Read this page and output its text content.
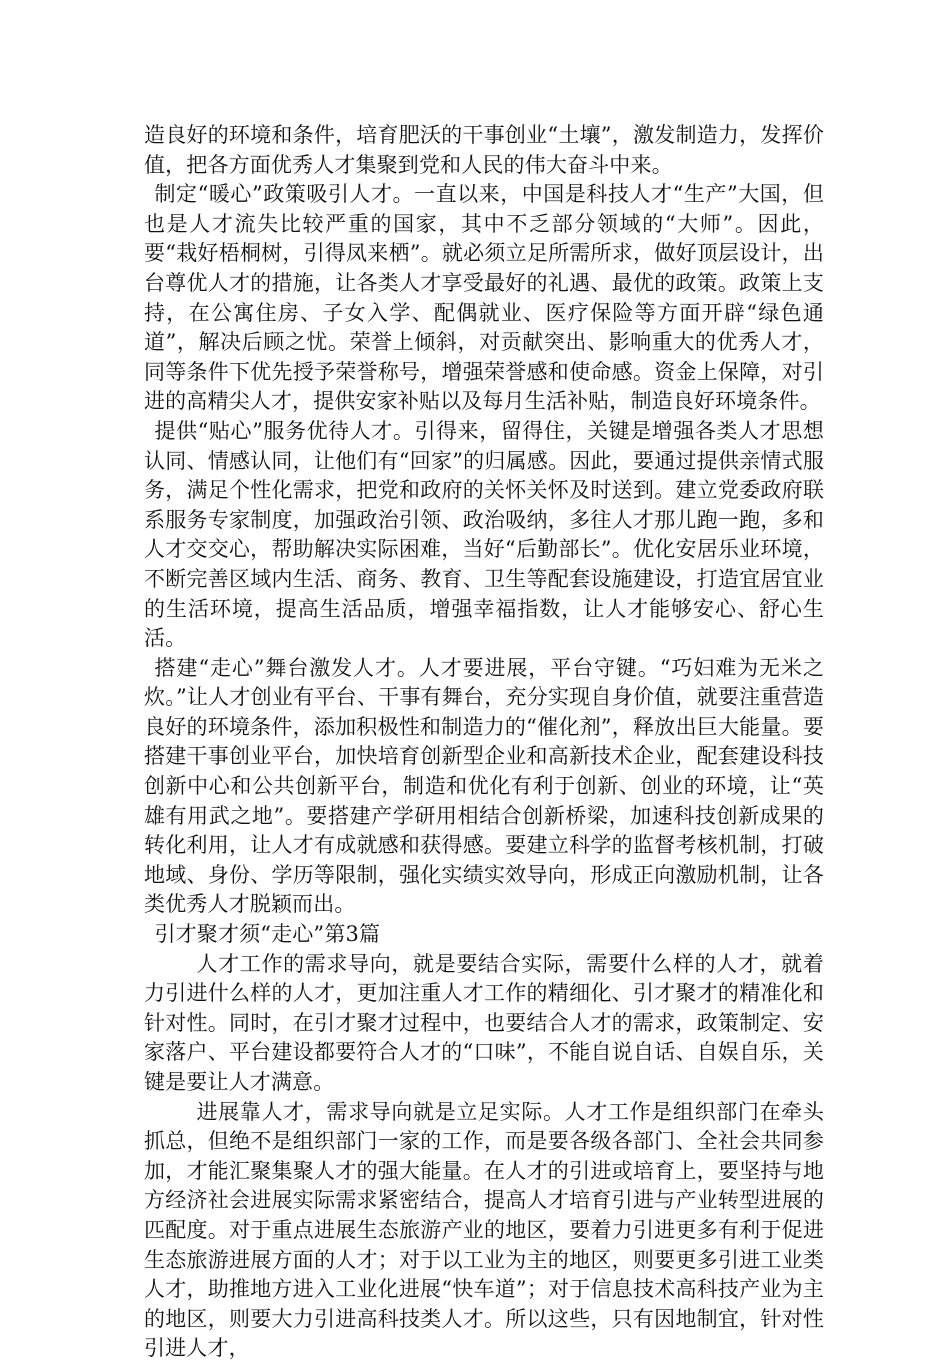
造良好的环境和条件，培育肥沃的干事创业“土壤”，激发制造力，发挥价值，把各方面优秀人才集聚到党和人民的伟大奋斗中来。

制定“暖心”政策吸引人才。一直以来，中国是科技人才“生产”大国，但也是人才流失比较严重的国家，其中不乏部分领域的“大师”。因此，要“栽好梧桐树，引得凤来栖”。就必须立足所需所求，做好顶层设计，出台尊优人才的措施，让各类人才享受最好的礼遇、最优的政策。政策上支持，在公寓住房、子女入学、配偶就业、医疗保险等方面开辟“绿色通道”，解决后顾之忧。荣誉上倾斜，对贡献突出、影响重大的优秀人才，同等条件下优先授予荣誉称号，增强荣誉感和使命感。资金上保障，对引进的高精尖人才，提供安家补贴以及每月生活补贴，制造良好环境条件。

提供“贴心”服务优待人才。引得来，留得住，关键是增强各类人才思想认同、情感认同，让他们有“回家”的归属感。因此，要通过提供亲情式服务，满足个性化需求，把党和政府的关怀关怀及时送到。建立党委政府联系服务专家制度，加强政治引领、政治吸纳，多往人才那儿跑一跑，多和人才交交心，帮助解决实际困难，当好“后勤部长”。优化安居乐业环境，不断完善区域内生活、商务、教育、卫生等配套设施建设，打造宜居宜业的生活环境，提高生活品质，增强幸福指数，让人才能够安心、舒心生活。

搭建“走心”舞台激发人才。人才要进展，平台守键。“巧妇难为无米之炊。”让人才创业有平台、干事有舞台，充分实现自身价值，就要注重营造良好的环境条件，添加积极性和制造力的“催化剂”，释放出巨大能量。要搭建干事创业平台，加快培育创新型企业和高新技术企业，配套建设科技创新中心和公共创新平台，制造和优化有利于创新、创业的环境，让“英雄有用武之地”。要搭建产学研用相结合创新桥梁，加速科技创新成果的转化利用，让人才有成就感和获得感。要建立科学的监督考核机制，打破地域、身份、学历等限制，强化实绩实效导向，形成正向激励机制，让各类优秀人才脱颖而出。

引才聚才须“走心”第3篇

人才工作的需求导向，就是要结合实际，需要什么样的人才，就着力引进什么样的人才，更加注重人才工作的精细化、引才聚才的精准化和针对性。同时，在引才聚才过程中，也要结合人才的需求，政策制定、安家落户、平台建设都要符合人才的“口味”，不能自说自话、自娱自乐，关键是要让人才满意。

进展靠人才，需求导向就是立足实际。人才工作是组织部门在牵头抓总，但绝不是组织部门一家的工作，而是要各级各部门、全社会共同参加，才能汇聚集聚人才的强大能量。在人才的引进或培育上，要坚持与地方经济社会进展实际需求紧密结合，提高人才培育引进与产业转型进展的匹配度。对于重点进展生态旅游产业的地区，要着力引进更多有利于促进生态旅游进展方面的人才；对于以工业为主的地区，则要更多引进工业类人才，助推地方进入工业化进展“快车道”；对于信息技术高科技产业为主的地区，则要大力引进高科技类人才。所以这些，只有因地制宜，针对性引进人才，
